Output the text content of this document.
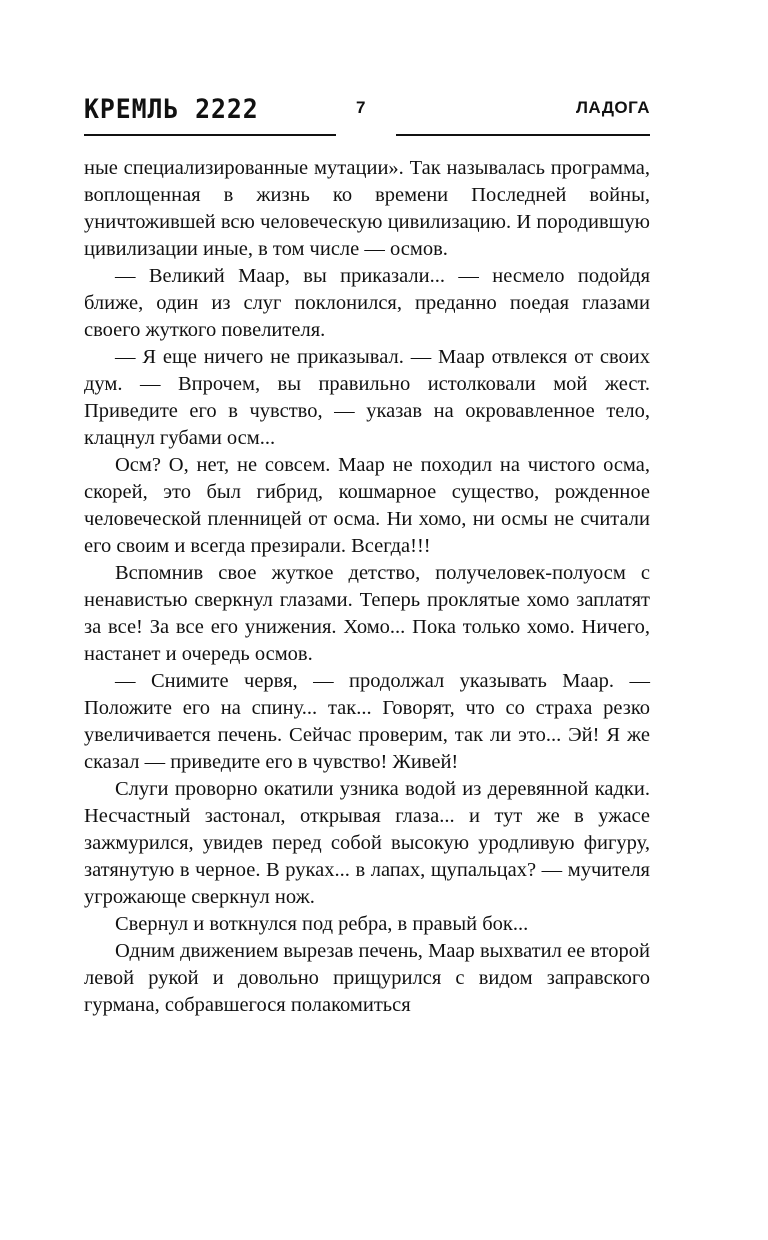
КРЕМЛЬ 2222	7	ЛАДОГА

ные специализированные мутации». Так называлась программа, воплощенная в жизнь ко времени Последней войны, уничтожившей всю человеческую цивилизацию. И породившую цивилизации иные, в том числе — осмов.

— Великий Маар, вы приказали... — несмело подойдя ближе, один из слуг поклонился, преданно поедая глазами своего жуткого повелителя.

— Я еще ничего не приказывал. — Маар отвлекся от своих дум. — Впрочем, вы правильно истолковали мой жест. Приведите его в чувство, — указав на окровавленное тело, клацнул губами осм...

Осм? О, нет, не совсем. Маар не походил на чистого осма, скорей, это был гибрид, кошмарное существо, рожденное человеческой пленницей от осма. Ни хомо, ни осмы не считали его своим и всегда презирали. Всегда!!!

Вспомнив свое жуткое детство, получеловек-полуосм с ненавистью сверкнул глазами. Теперь проклятые хомо заплатят за все! За все его унижения. Хомо... Пока только хомо. Ничего, настанет и очередь осмов.

— Снимите червя, — продолжал указывать Маар. — Положите его на спину... так... Говорят, что со страха резко увеличивается печень. Сейчас проверим, так ли это... Эй! Я же сказал — приведите его в чувство! Живей!

Слуги проворно окатили узника водой из деревянной кадки. Несчастный застонал, открывая глаза... и тут же в ужасе зажмурился, увидев перед собой высокую уродливую фигуру, затянутую в черное. В руках... в лапах, щупальцах? — мучителя угрожающе сверкнул нож.

Свернул и воткнулся под ребра, в правый бок...

Одним движением вырезав печень, Маар выхватил ее второй левой рукой и довольно прищурился с видом заправского гурмана, собравшегося полакомиться
